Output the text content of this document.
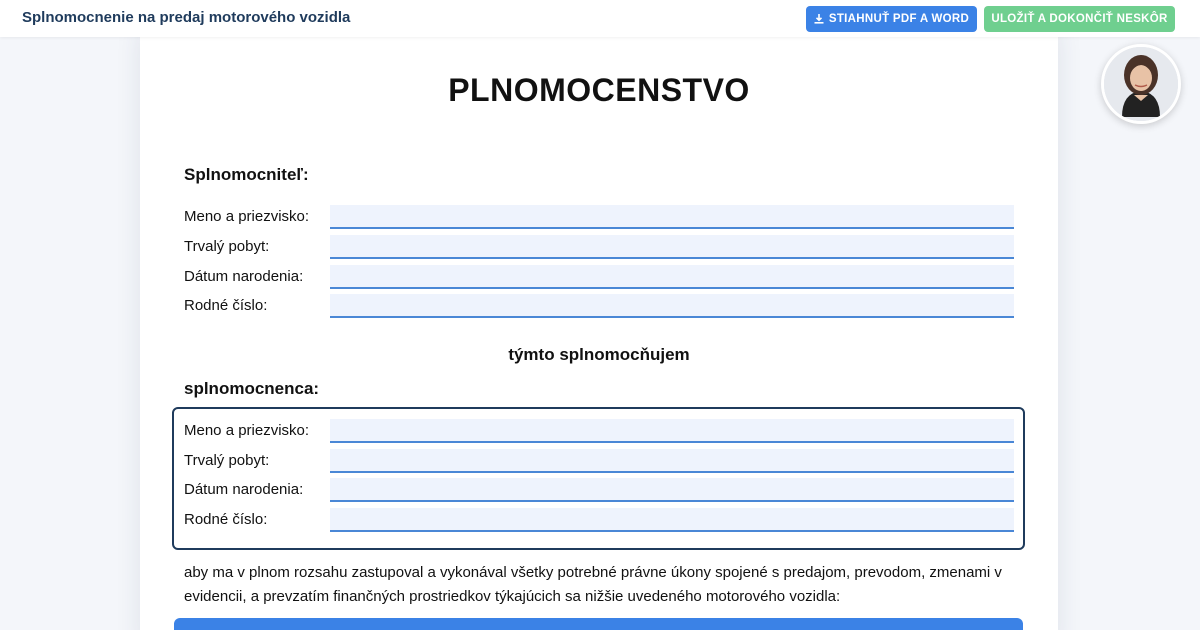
Splnomocnenie na predaj motorového vozidla	STIAHNUŤ PDF A WORD ULOŽIŤ A DOKONČIŤ NESKÔR
PLNOMOCENSTVO
Splnomocniteľ:
Meno a priezvisko:
Trvalý pobyt:
Dátum narodenia:
Rodné číslo:
týmto splnomocňujem
splnomocnenca:
Meno a priezvisko:
Trvalý pobyt:
Dátum narodenia:
Rodné číslo:
aby ma v plnom rozsahu zastupoval a vykonával všetky potrebné právne úkony spojené s predajom, prevodom, zmenami v evidencii, a prevzatím finančných prostriedkov týkajúcich sa nižšie uvedeného motorového vozidla:
